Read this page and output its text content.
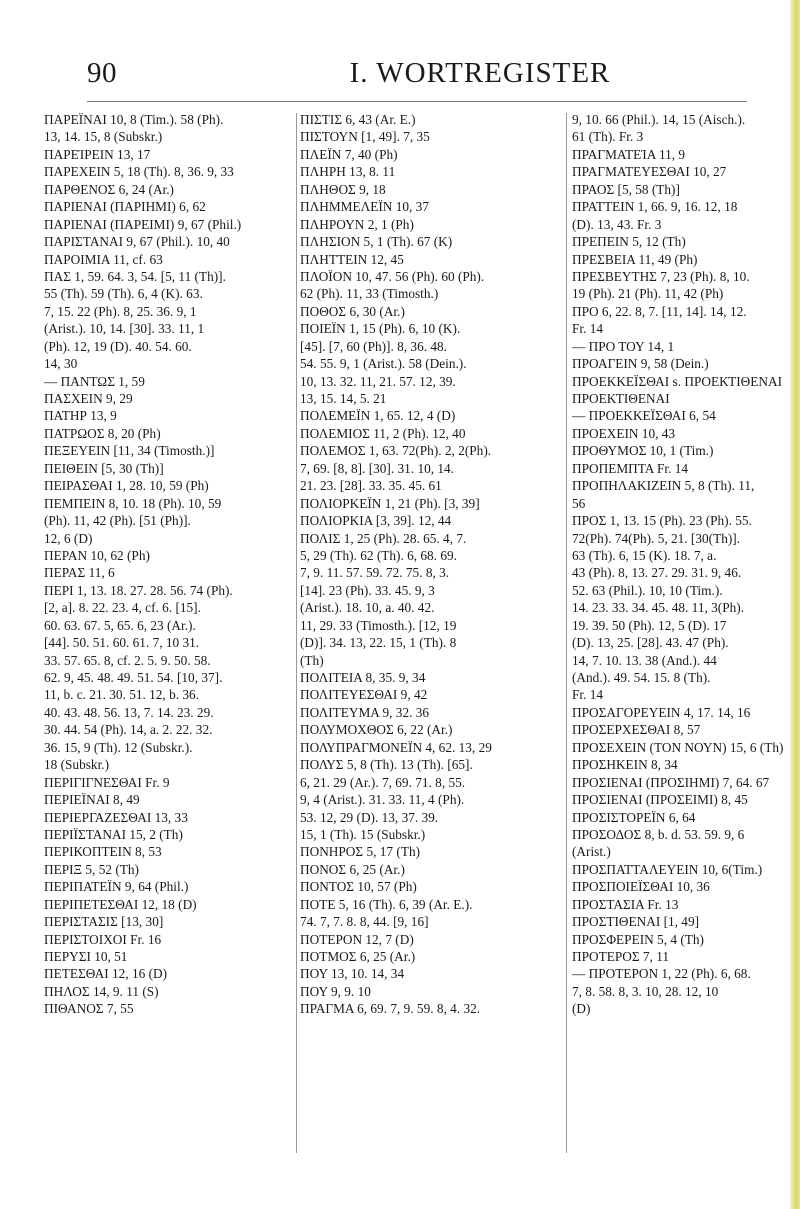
90	I. WORTREGISTER
ΠΑΡΕΪΝΑΙ 10, 8 (Tim.). 58 (Ph).
13, 14. 15, 8 (Subskr.)
ΠΑΡΕΊΡΕΙΝ 13, 17
ΠΑΡΕΧΕΙΝ 5, 18 (Th). 8, 36. 9, 33
ΠΑΡΘΕΝΟΣ 6, 24 (Ar.)
ΠΑΡΙΕΝΑΙ (ΠΑΡΙΗΜΙ) 6, 62
ΠΑΡΙΕΝΑΙ (ΠΑΡΕΙΜΙ) 9, 67 (Phil.)
ΠΑΡΙΣΤΑΝΑΙ 9, 67 (Phil.). 10, 40
ΠΑΡΟΙΜΙΑ 11, cf. 63
ΠΑΣ 1, 59. 64. 3, 54. [5, 11 (Th)].
55 (Th). 59 (Th). 6, 4 (K). 63.
7, 15. 22 (Ph). 8, 25. 36. 9, 1
(Arist.). 10, 14. [30]. 33. 11, 1
(Ph). 12, 19 (D). 40. 54. 60.
14, 30
— ΠΑΝΤΩΣ 1, 59
ΠΑΣΧΕΙΝ 9, 29
ΠΑΤΗΡ 13, 9
ΠΑΤΡΩΟΣ 8, 20 (Ph)
ΠΕΞΕΥΕΙΝ [11, 34 (Timosth.)]
ΠΕΙΘΕΙΝ [5, 30 (Th)]
ΠΕΙΡΑΣΘΑΙ 1, 28. 10, 59 (Ph)
ΠΕΜΠΕΙΝ 8, 10. 18 (Ph). 10, 59
(Ph). 11, 42 (Ph). [51 (Ph)].
12, 6 (D)
ΠΕΡΑΝ 10, 62 (Ph)
ΠΕΡΑΣ 11, 6
ΠΕΡΙ 1, 13. 18. 27. 28. 56. 74 (Ph).
[2, a]. 8. 22. 23. 4, cf. 6. [15].
60. 63. 67. 5, 65. 6, 23 (Ar.).
[44]. 50. 51. 60. 61. 7, 10 31.
33. 57. 65. 8, cf. 2. 5. 9. 50. 58.
62. 9, 45. 48. 49. 51. 54. [10, 37].
11, b. c. 21. 30. 51. 12, b. 36.
40. 43. 48. 56. 13, 7. 14. 23. 29.
30. 44. 54 (Ph). 14, a. 2. 22. 32.
36. 15, 9 (Th). 12 (Subskr.).
18 (Subskr.)
ΠΕΡΙΓΙΓΝΕΣΘΑΙ Fr. 9
ΠΕΡΙΕΪΝΑΙ 8, 49
ΠΕΡΙΕΡΓΑΖΕΣΘΑΙ 13, 33
ΠΕΡΙΪΣΤΑΝΑΙ 15, 2 (Th)
ΠΕΡΙΚΟΠΤΕΙΝ 8, 53
ΠΕΡΙΞ 5, 52 (Th)
ΠΕΡΙΠΑΤΕΪΝ 9, 64 (Phil.)
ΠΕΡΙΠΕΤΕΣΘΑΙ 12, 18 (D)
ΠΕΡΙΣΤΑΣΙΣ [13, 30]
ΠΕΡΙΣΤΟΙΧΟΙ Fr. 16
ΠΕΡΥΣΙ 10, 51
ΠΕΤΕΣΘΑΙ 12, 16 (D)
ΠΗΛΟΣ 14, 9. 11 (S)
ΠΙΘΑΝΟΣ 7, 55
ΠΙΣΤΙΣ 6, 43 (Ar. E.)
ΠΙΣΤΟΥΝ [1, 49]. 7, 35
ΠΛΕΪΝ 7, 40 (Ph)
ΠΛΗΡΗ 13, 8. 11
ΠΛΗΘΟΣ 9, 18
ΠΛΗΜΜΕΛΕΪΝ 10, 37
ΠΛΗΡΟΥΝ 2, 1 (Ph)
ΠΛΗΣΙΟΝ 5, 1 (Th). 67 (K)
ΠΛΗΤΤΕΙΝ 12, 45
ΠΛΟΪΟΝ 10, 47. 56 (Ph). 60 (Ph).
62 (Ph). 11, 33 (Timosth.)
ΠΟΘΟΣ 6, 30 (Ar.)
ΠΟΙΕΪΝ 1, 15 (Ph). 6, 10 (K).
[45]. [7, 60 (Ph)]. 8, 36. 48.
54. 55. 9, 1 (Arist.). 58 (Dein.).
10, 13. 32. 11, 21. 57. 12, 39.
13, 15. 14, 5. 21
ΠΟΛΕΜΕΪΝ 1, 65. 12, 4 (D)
ΠΟΛΕΜΙΟΣ 11, 2 (Ph). 12, 40
ΠΟΛΕΜΟΣ 1, 63. 72(Ph). 2, 2(Ph).
7, 69. [8, 8]. [30]. 31. 10, 14.
21. 23. [28]. 33. 35. 45. 61
ΠΟΛΙΟΡΚΕΪΝ 1, 21 (Ph). [3, 39]
ΠΟΛΙΟΡΚΙΑ [3, 39]. 12, 44
ΠΟΛΙΣ 1, 25 (Ph). 28. 65. 4, 7.
5, 29 (Th). 62 (Th). 6, 68. 69.
7, 9. 11. 57. 59. 72. 75. 8, 3.
[14]. 23 (Ph). 33. 45. 9, 3
(Arist.). 18. 10, a. 40. 42.
11, 29. 33 (Timosth.). [12, 19
(D)]. 34. 13, 22. 15, 1 (Th). 8
(Th)
ΠΟΛΙΤΕΙΑ 8, 35. 9, 34
ΠΟΛΙΤΕΥΕΣΘΑΙ 9, 42
ΠΟΛΙΤΕΥΜΑ 9, 32. 36
ΠΟΛΥΜΟΧΘΟΣ 6, 22 (Ar.)
ΠΟΛΥΠΡΑΓΜΟΝΕΪΝ 4, 62. 13, 29
ΠΟΛΥΣ 5, 8 (Th). 13 (Th). [65].
6, 21. 29 (Ar.). 7, 69. 71. 8, 55.
9, 4 (Arist.). 31. 33. 11, 4 (Ph).
53. 12, 29 (D). 13, 37. 39.
15, 1 (Th). 15 (Subskr.)
ΠΟΝΗΡΟΣ 5, 17 (Th)
ΠΟΝΟΣ 6, 25 (Ar.)
ΠΟΝΤΟΣ 10, 57 (Ph)
ΠΟΤΕ 5, 16 (Th). 6, 39 (Ar. E.).
74. 7, 7. 8. 8, 44. [9, 16]
ΠΟΤΕΡΟΝ 12, 7 (D)
ΠΟΤΜΟΣ 6, 25 (Ar.)
ΠΟΥ 13, 10. 14, 34
ΠΟΥ 9, 9. 10
ΠΡΑΓΜΑ 6, 69. 7, 9. 59. 8, 4. 32.
9, 10. 66 (Phil.). 14, 15 (Aisch.).
61 (Th). Fr. 3
ΠΡΑΓΜΑΤΕΊΑ 11, 9
ΠΡΑΓΜΑΤΕΥΕΣΘΑΙ 10, 27
ΠΡΑΟΣ [5, 58 (Th)]
ΠΡΑΤΤΕΙΝ 1, 66. 9, 16. 12, 18
(D). 13, 43. Fr. 3
ΠΡΕΠΕΙΝ 5, 12 (Th)
ΠΡΕΣΒΕΙΑ 11, 49 (Ph)
ΠΡΕΣΒΕΥΤΗΣ 7, 23 (Ph). 8, 10.
19 (Ph). 21 (Ph). 11, 42 (Ph)
ΠΡΟ 6, 22. 8, 7. [11, 14]. 14, 12.
Fr. 14
— ΠΡΟ ΤΟΥ 14, 1
ΠΡΟΑΓΕΙΝ 9, 58 (Dein.)
ΠΡΟΕΚΚΕΪΣΘΑΙ s. ΠΡΟΕΚΤΙΘΕΝΑΙ
ΠΡΟΕΚΤΙΘΕΝΑΙ
— ΠΡΟΕΚΚΕΪΣΘΑΙ 6, 54
ΠΡΟΕΧΕΙΝ 10, 43
ΠΡΟΘΥΜΟΣ 10, 1 (Tim.)
ΠΡΟΠΕΜΠΤΑ Fr. 14
ΠΡΟΠΗΛΑΚΙΖΕΙΝ 5, 8 (Th). 11,
56
ΠΡΟΣ 1, 13. 15 (Ph). 23 (Ph). 55.
72(Ph). 74(Ph). 5, 21. [30(Th)].
63 (Th). 6, 15 (K). 18. 7, a.
43 (Ph). 8, 13. 27. 29. 31. 9, 46.
52. 63 (Phil.). 10, 10 (Tim.).
14. 23. 33. 34. 45. 48. 11, 3(Ph).
19. 39. 50 (Ph). 12, 5 (D). 17
(D). 13, 25. [28]. 43. 47 (Ph).
14, 7. 10. 13. 38 (And.). 44
(And.). 49. 54. 15. 8 (Th).
Fr. 14
ΠΡΟΣΑΓΟΡΕΥΕΙΝ 4, 17. 14, 16
ΠΡΟΣΕΡΧΕΣΘΑΙ 8, 57
ΠΡΟΣΕΧΕΙΝ (ΤΟΝ ΝΟΥΝ) 15, 6 (Th)
ΠΡΟΣΗΚΕΙΝ 8, 34
ΠΡΟΣΙΕΝΑΙ (ΠΡΟΣΙΗΜΙ) 7, 64. 67
ΠΡΟΣΙΕΝΑΙ (ΠΡΟΣΕΙΜΙ) 8, 45
ΠΡΟΣΙΣΤΟΡΕΪΝ 6, 64
ΠΡΟΣΟΔΟΣ 8, b. d. 53. 59. 9, 6
(Arist.)
ΠΡΟΣΠΑΤΤΑΛΕΥΕΙΝ 10, 6(Tim.)
ΠΡΟΣΠΟΙΕΪΣΘΑΙ 10, 36
ΠΡΟΣΤΑΣΙΑ Fr. 13
ΠΡΟΣΤΙΘΕΝΑΙ [1, 49]
ΠΡΟΣΦΕΡΕΙΝ 5, 4 (Th)
ΠΡΟΤΕΡΟΣ 7, 11
— ΠΡΟΤΕΡΟΝ 1, 22 (Ph). 6, 68.
7, 8. 58. 8, 3. 10, 28. 12, 10
(D)
